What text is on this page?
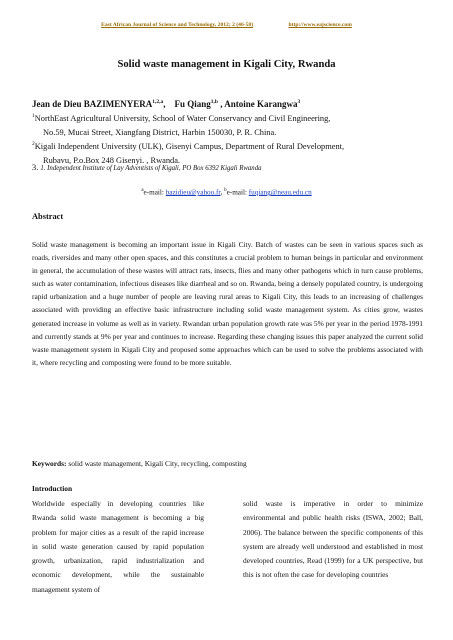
East African Journal of Science and Technology, 2012; 2 (46-58)	http://www.eajscience.com
Solid waste management in Kigali City, Rwanda
Jean de Dieu BAZIMENYERA$^{1,2,a}$,    Fu Qiang$^{1,b}$ , Antoine Karangwa$^3$
$^1$NorthEast Agricultural University, School of Water Conservancy and Civil Engineering,
No.59, Mucai Street, Xiangfang District, Harbin 150030, P. R. China.
$^2$Kigali Independent University (ULK), Gisenyi Campus, Department of Rural Development,
Rubavu, P.o.Box 248 Gisenyi. , Rwanda.
3. 1. Independent Institute of Lay Adventists of Kigali, PO Box 6392 Kigali Rwanda
$^a$e-mail: bazidieu@yahoo.fr, $^b$e-mail: fuqiang@neau.edu.cn
Abstract
Solid waste management is becoming an important issue in Kigali City. Batch of wastes can be seen in various spaces such as roads, riversides and many other open spaces, and this constitutes a crucial problem to human beings in particular and environment in general, the accumulation of these wastes will attract rats, insects, flies and many other pathogens which in turn cause problems, such as water contamination, infectious diseases like diarrheal and so on. Rwanda, being a densely populated country, is undergoing rapid urbanization and a huge number of people are leaving rural areas to Kigali City, this leads to an increasing of challenges associated with providing an effective basic infrastructure including solid waste management system. As cities grow, wastes generated increase in volume as well as in variety. Rwandan urban population growth rate was 5% per year in the period 1978-1991 and currently stands at 9% per year and continues to increase. Regarding these changing issues this paper analyzed the current solid waste management system in Kigali City and proposed some approaches which can be used to solve the problems associated with it, where recycling and composting were found to be more suitable.
Keywords: solid waste management, Kigali City, recycling, composting
Introduction
Worldwide especially in developing countries like Rwanda solid waste management is becoming a big problem for major cities as a result of the rapid increase in solid waste generation caused by rapid population growth, urbanization, rapid industrialization and economic development, while the sustainable management system of
solid waste is imperative in order to minimize environmental and public health risks (ISWA, 2002; Ball, 2006). The balance between the specific components of this system are already well understood and established in most developed countries, Read (1999) for a UK perspective, but this is not often the case for developing countries
